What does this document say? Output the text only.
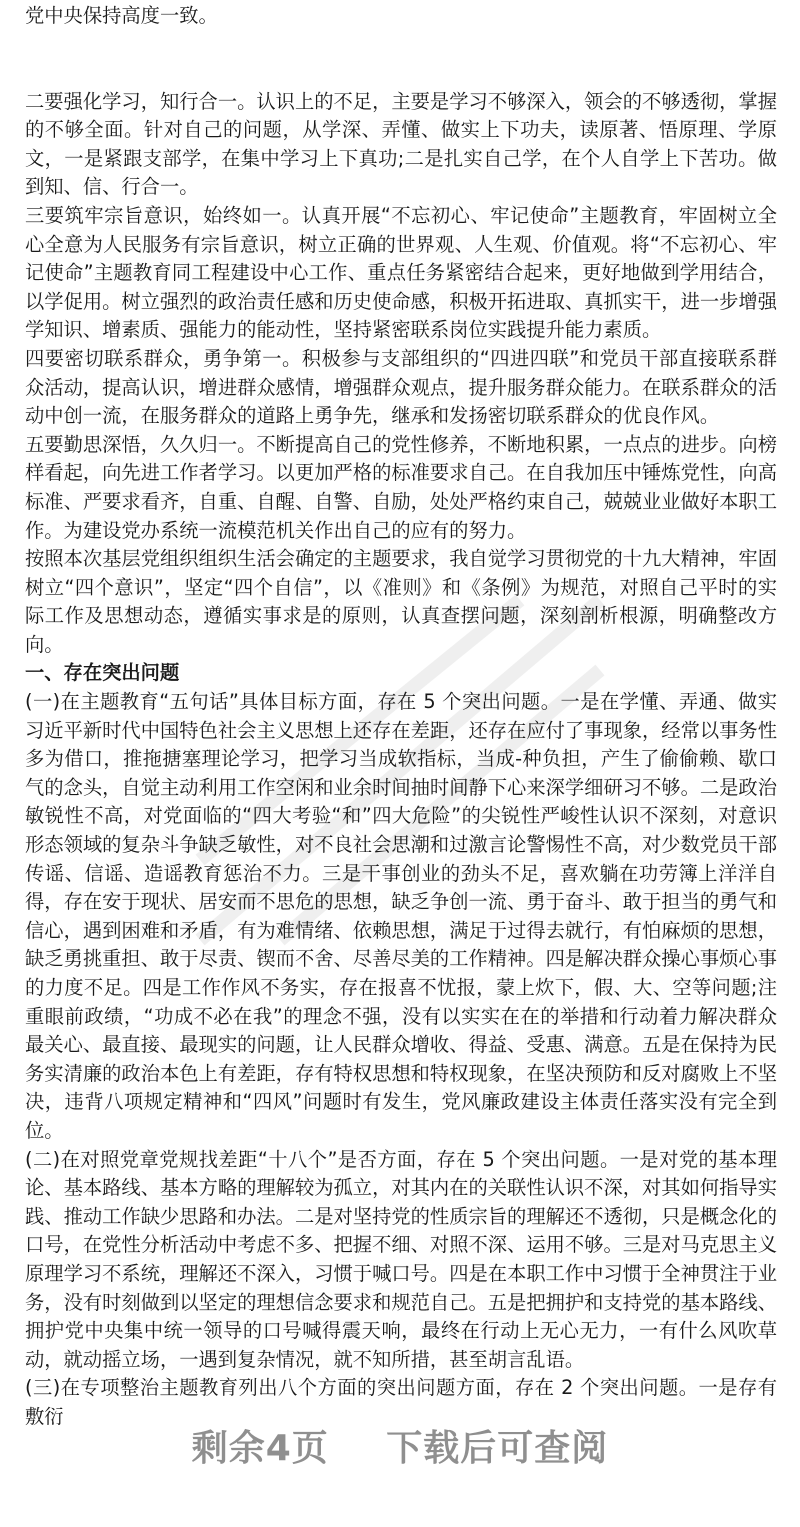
党中央保持高度一致。

二要强化学习，知行合一。认识上的不足，主要是学习不够深入，领会的不够透彻，掌握的不够全面。针对自己的问题，从学深、弄懂、做实上下功夫，读原著、悟原理、学原文，一是紧跟支部学，在集中学习上下真功;二是扎实自己学，在个人自学上下苦功。做到知、信、行合一。

三要筑牢宗旨意识，始终如一。认真开展“不忘初心、牢记使命”主题教育，牢固树立全心全意为人民服务有宗旨意识，树立正确的世界观、人生观、价值观。将“不忘初心、牢记使命”主题教育同工程建设中心工作、重点任务紧密结合起来，更好地做到学用结合，以学促用。树立强烈的政治责任感和历史使命感，积极开拓进取、真抓实干，进一步增强学知识、增素质、强能力的能动性，坚持紧密联系岗位实践提升能力素质。

四要密切联系群众，勇争第一。积极参与支部组织的“四进四联”和党员干部直接联系群众活动，提高认识，增进群众感情，增强群众观点，提升服务群众能力。在联系群众的活动中创一流，在服务群众的道路上勇争先，继承和发扬密切联系群众的优良作风。

五要勤思深悟，久久归一。不断提高自己的党性修养，不断地积累，一点点的进步。向榜样看起，向先进工作者学习。以更加严格的标准要求自己。在自我加压中锤炼党性，向高标准、严要求看齐，自重、自醒、自警、自励，处处严格约束自己，兢兢业业做好本职工作。为建设党办系统一流模范机关作出自己的应有的努力。

按照本次基层党组织组织生活会确定的主题要求，我自觉学习贯彻党的十九大精神，牢固树立“四个意识”，坚定“四个自信”，以《准则》和《条例》为规范，对照自己平时的实际工作及思想动态，遵循实事求是的原则，认真查摆问题，深刻剖析根源，明确整改方向。

一、存在突出问题

(一)在主题教育“五句话”具体目标方面，存在 5 个突出问题。一是在学懂、弄通、做实习近平新时代中国特色社会主义思想上还存在差距，还存在应付了事现象，经常以事务性多为借口，推拖搪塞理论学习，把学习当成软指标，当成-种负担，产生了偷偷赖、歇口气的念头，自觉主动利用工作空闲和业余时间抽时间静下心来深学细研习不够。二是政治敏锐性不高，对党面临的“四大考验“和”四大危险”的尖锐性严峻性认识不深刻，对意识形态领域的复杂斗争缺乏敏性，对不良社会思潮和过激言论警惕性不高，对少数党员干部传谣、信谣、造谣教育惩治不力。三是干事创业的劲头不足，喜欢躺在功劳簿上洋洋自得，存在安于现状、居安而不思危的思想，缺乏争创一流、勇于奋斗、敢于担当的勇气和信心，遇到困难和矛盾，有为难情绪、依赖思想，满足于过得去就行，有怕麻烦的思想，缺乏勇挑重担、敢于尽责、锲而不舍、尽善尽美的工作精神。四是解决群众操心事烦心事的力度不足。四是工作作风不务实，存在报喜不忧报，蒙上炊下，假、大、空等问题;注重眼前政绩，“功成不必在我”的理念不强，没有以实实在在的举措和行动着力解决群众最关心、最直接、最现实的问题，让人民群众增收、得益、受惠、满意。五是在保持为民务实清廉的政治本色上有差距，存有特权思想和特权现象，在坚决预防和反对腐败上不坚决，违背八项规定精神和“四风”问题时有发生，党风廉政建设主体责任落实没有完全到位。

(二)在对照党章党规找差距“十八个”是否方面，存在 5 个突出问题。一是对党的基本理论、基本路线、基本方略的理解较为孤立，对其内在的关联性认识不深，对其如何指导实践、推动工作缺少思路和办法。二是对坚持党的性质宗旨的理解还不透彻，只是概念化的口号，在党性分析活动中考虑不多、把握不细、对照不深、运用不够。三是对马克思主义原理学习不系统，理解还不深入，习惯于喊口号。四是在本职工作中习惯于全神贯注于业务，没有时刻做到以坚定的理想信念要求和规范自己。五是把拥护和支持党的基本路线、拥护党中央集中统一领导的口号喊得震天响，最终在行动上无心无力，一有什么风吹草动，就动摇立场，一遇到复杂情况，就不知所措，甚至胡言乱语。

(三)在专项整治主题教育列出八个方面的突出问题方面，存在 2 个突出问题。一是存有敷衍

剩余4页 下载后可查阅
